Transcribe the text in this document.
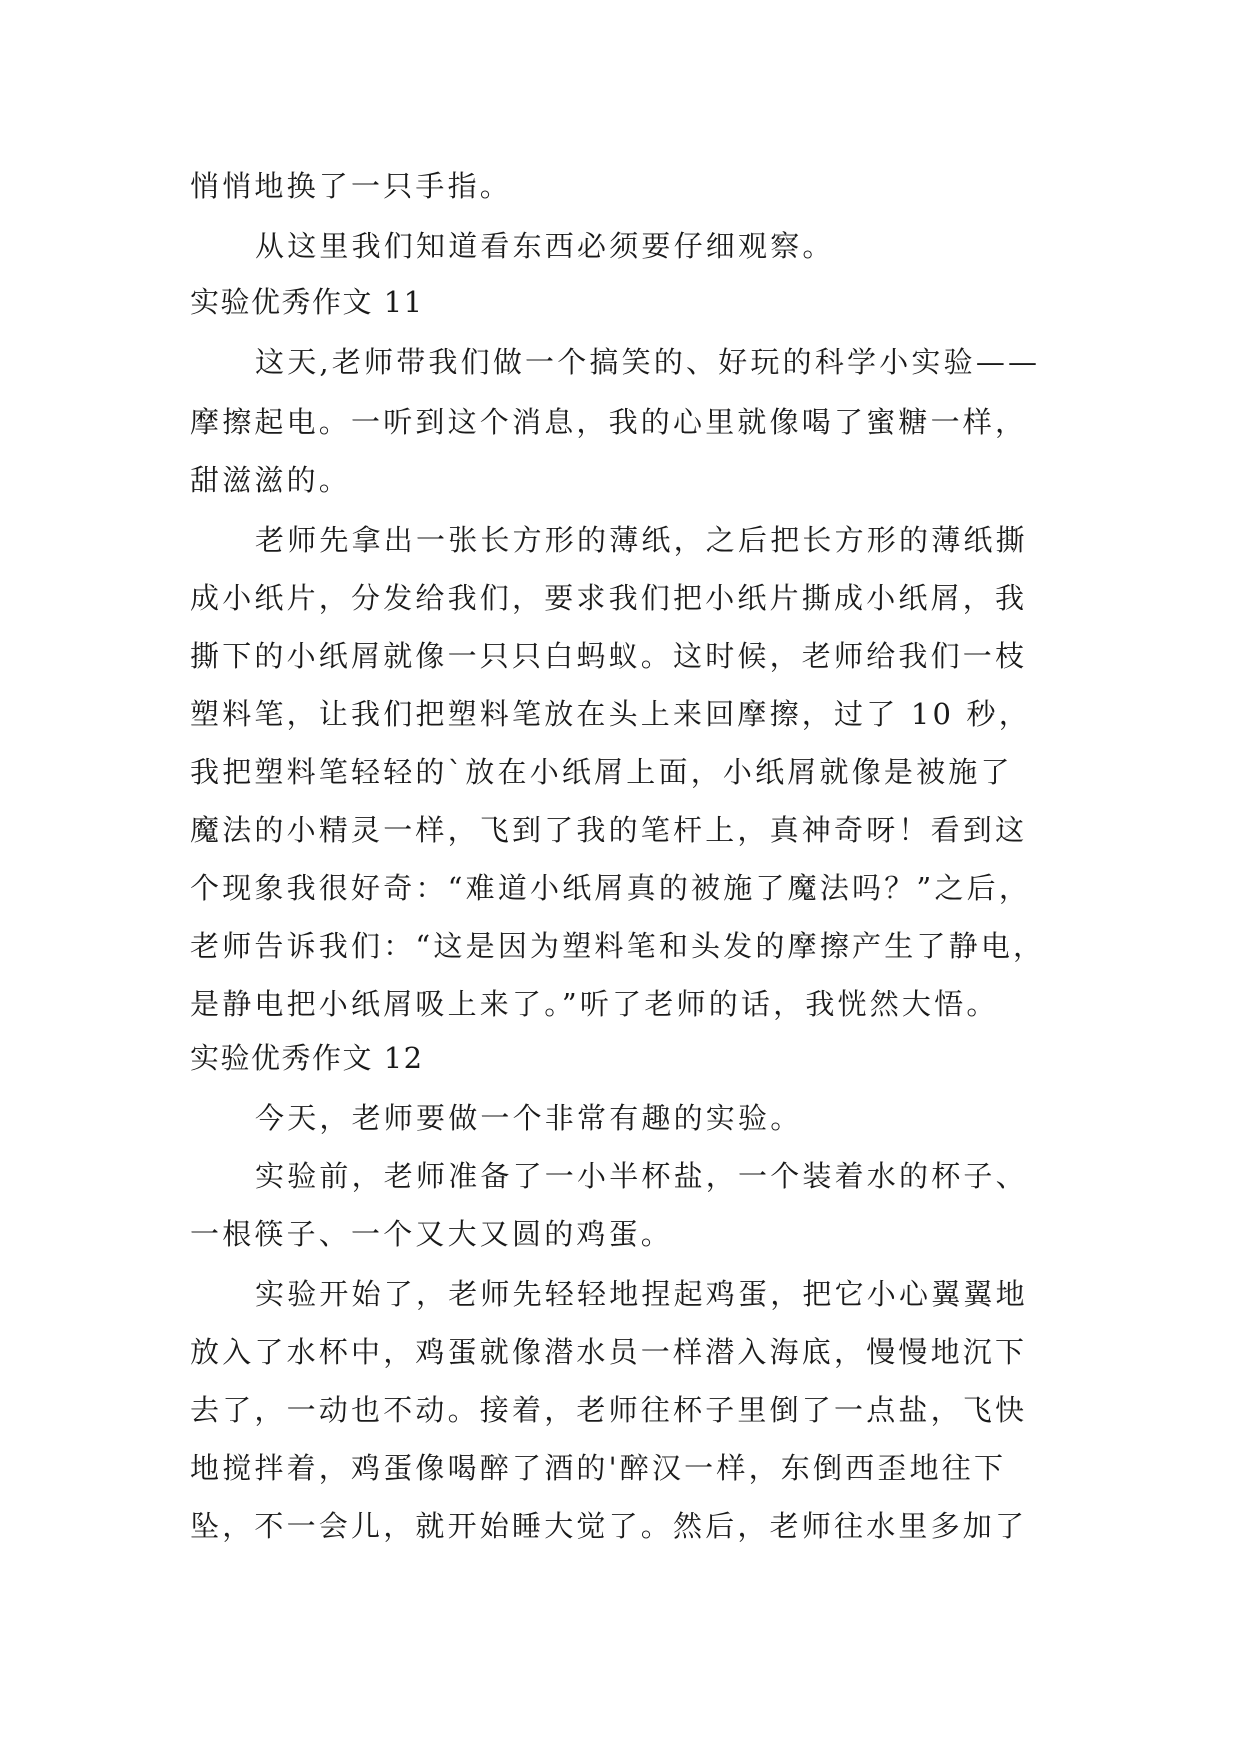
悄悄地换了一只手指。
从这里我们知道看东西必须要仔细观察。
实验优秀作文 11
这天,老师带我们做一个搞笑的、好玩的科学小实验——
摩擦起电。一听到这个消息，我的心里就像喝了蜜糖一样，
甜滋滋的。
老师先拿出一张长方形的薄纸，之后把长方形的薄纸撕
成小纸片，分发给我们，要求我们把小纸片撕成小纸屑，我
撕下的小纸屑就像一只只白蚂蚁。这时候，老师给我们一枝
塑料笔，让我们把塑料笔放在头上来回摩擦，过了 10 秒，
我把塑料笔轻轻的`放在小纸屑上面，小纸屑就像是被施了
魔法的小精灵一样，飞到了我的笔杆上，真神奇呀！看到这
个现象我很好奇：“难道小纸屑真的被施了魔法吗？”之后，
老师告诉我们：“这是因为塑料笔和头发的摩擦产生了静电，
是静电把小纸屑吸上来了。”听了老师的话，我恍然大悟。
实验优秀作文 12
今天，老师要做一个非常有趣的实验。
实验前，老师准备了一小半杯盐，一个装着水的杯子、
一根筷子、一个又大又圆的鸡蛋。
实验开始了，老师先轻轻地捏起鸡蛋，把它小心翼翼地
放入了水杯中，鸡蛋就像潜水员一样潜入海底，慢慢地沉下
去了，一动也不动。接着，老师往杯子里倒了一点盐，飞快
地搅拌着，鸡蛋像喝醉了酒的'醉汉一样，东倒西歪地往下
坠，不一会儿，就开始睡大觉了。然后，老师往水里多加了
